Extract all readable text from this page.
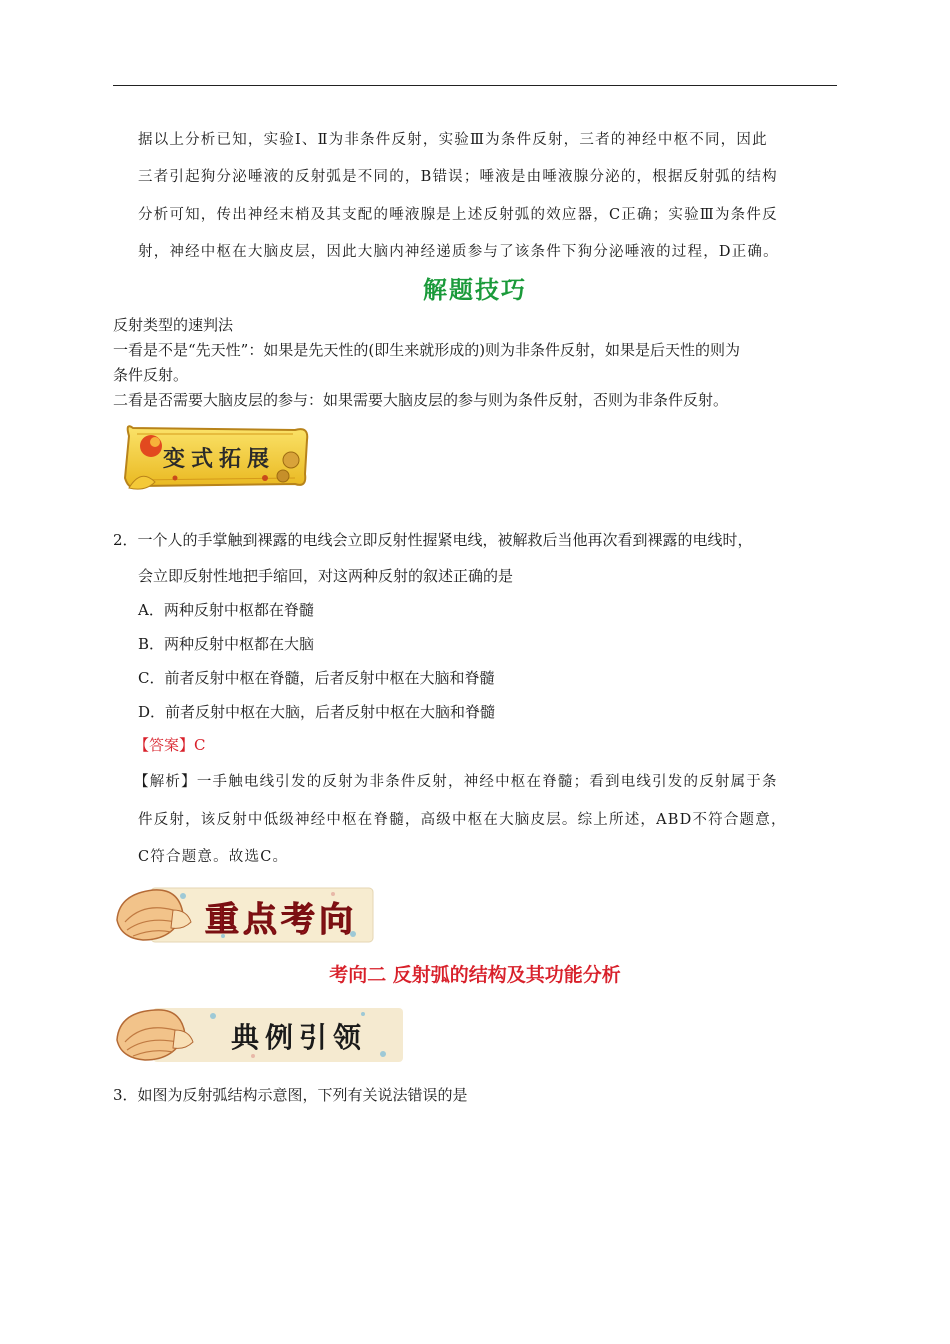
据以上分析已知，实验Ⅰ、Ⅱ为非条件反射，实验Ⅲ为条件反射，三者的神经中枢不同，因此
三者引起狗分泌唾液的反射弧是不同的，B错误；唾液是由唾液腺分泌的，根据反射弧的结构
分析可知，传出神经末梢及其支配的唾液腺是上述反射弧的效应器，C正确；实验Ⅲ为条件反
射，神经中枢在大脑皮层，因此大脑内神经递质参与了该条件下狗分泌唾液的过程，D正确。
解题技巧
反射类型的速判法
一看是不是“先天性”：如果是先天性的(即生来就形成的)则为非条件反射，如果是后天性的则为
条件反射。
二看是否需要大脑皮层的参与：如果需要大脑皮层的参与则为条件反射，否则为非条件反射。
变式拓展
2．一个人的手掌触到裸露的电线会立即反射性握紧电线，被解救后当他再次看到裸露的电线时，
会立即反射性地把手缩回，对这两种反射的叙述正确的是
A．两种反射中枢都在脊髓
B．两种反射中枢都在大脑
C．前者反射中枢在脊髓，后者反射中枢在大脑和脊髓
D．前者反射中枢在大脑，后者反射中枢在大脑和脊髓
【答案】C
【解析】一手触电线引发的反射为非条件反射，神经中枢在脊髓；看到电线引发的反射属于条
件反射，该反射中低级神经中枢在脊髓，高级中枢在大脑皮层。综上所述，ABD不符合题意，
C符合题意。故选C。
重点考向
考向二 反射弧的结构及其功能分析
典例引领
3．如图为反射弧结构示意图，下列有关说法错误的是
